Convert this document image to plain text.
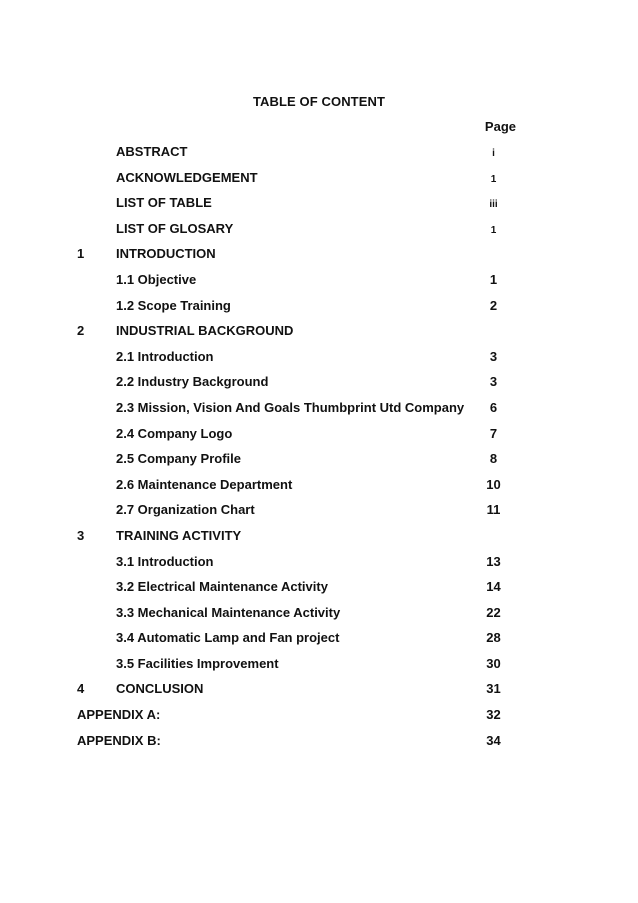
TABLE OF CONTENT
Page
ABSTRACT	i
ACKNOWLEDGEMENT	1
LIST OF TABLE	iii
LIST OF GLOSARY	1
1 INTRODUCTION
1.1 Objective	1
1.2 Scope Training	2
2 INDUSTRIAL BACKGROUND
2.1 Introduction	3
2.2 Industry Background	3
2.3 Mission, Vision And Goals Thumbprint Utd Company	6
2.4 Company Logo	7
2.5 Company Profile	8
2.6 Maintenance Department	10
2.7 Organization Chart	11
3 TRAINING ACTIVITY
3.1 Introduction	13
3.2 Electrical Maintenance Activity	14
3.3 Mechanical Maintenance Activity	22
3.4 Automatic Lamp and Fan project	28
3.5 Facilities Improvement	30
4 CONCLUSION	31
APPENDIX A:	32
APPENDIX B:	34
